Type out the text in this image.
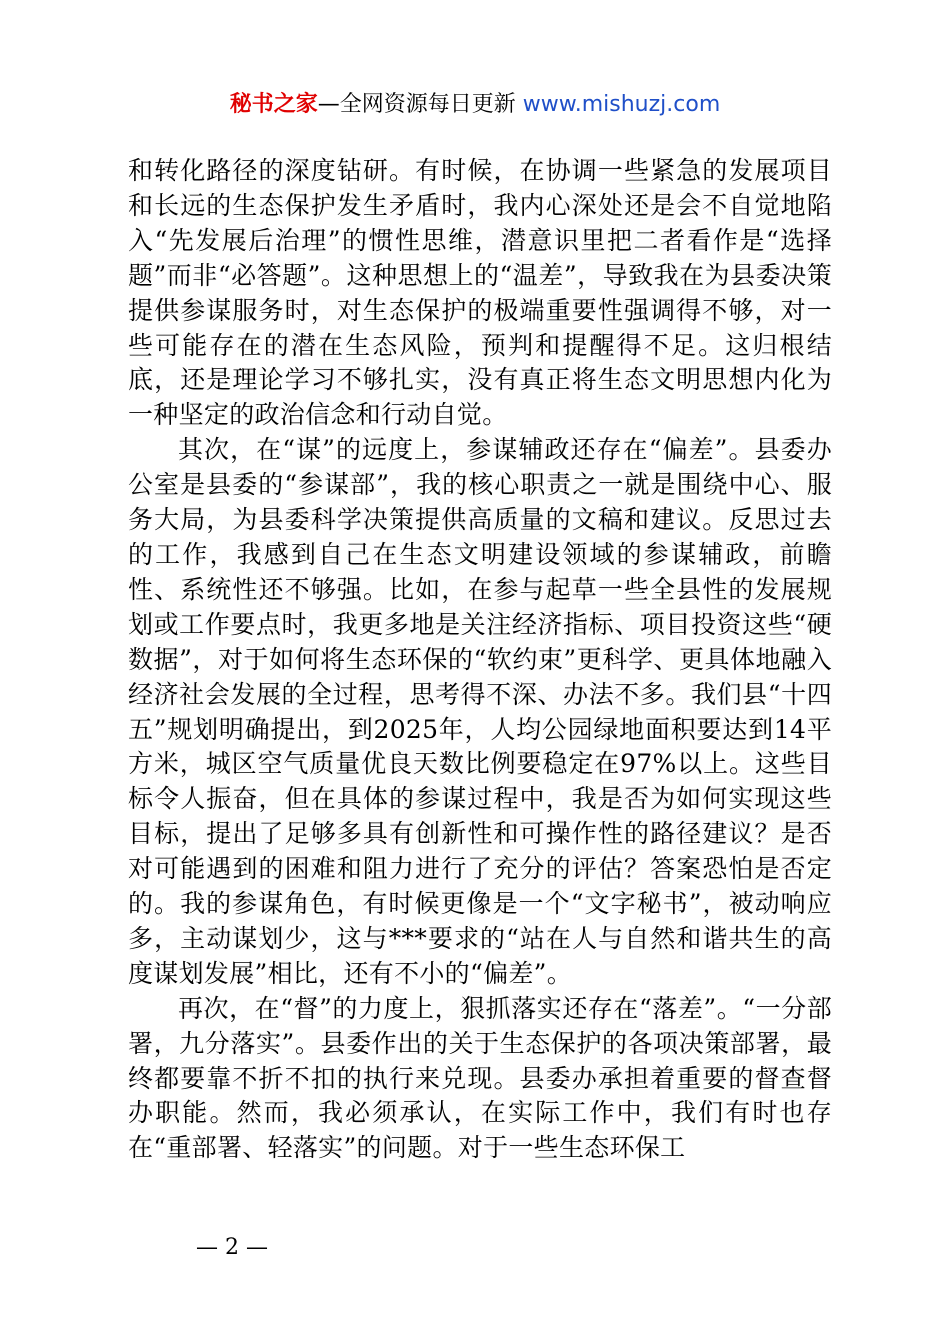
秘书之家—全网资源每日更新 www.mishuzj.com

和转化路径的深度钻研。有时候，在协调一些紧急的发展项目和长远的生态保护发生矛盾时，我内心深处还是会不自觉地陷入“先发展后治理”的惯性思维，潜意识里把二者看作是“选择题”而非“必答题”。这种思想上的“温差”，导致我在为县委决策提供参谋服务时，对生态保护的极端重要性强调得不够，对一些可能存在的潜在生态风险，预判和提醒得不足。这归根结底，还是理论学习不够扎实，没有真正将生态文明思想内化为一种坚定的政治信念和行动自觉。

其次，在“谋”的远度上，参谋辅政还存在“偏差”。县委办公室是县委的“参谋部”，我的核心职责之一就是围绕中心、服务大局，为县委科学决策提供高质量的文稿和建议。反思过去的工作，我感到自己在生态文明建设领域的参谋辅政，前瞻性、系统性还不够强。比如，在参与起草一些全县性的发展规划或工作要点时，我更多地是关注经济指标、项目投资这些“硬数据”，对于如何将生态环保的“软约束”更科学、更具体地融入经济社会发展的全过程，思考得不深、办法不多。我们县“十四五”规划明确提出，到2025年，人均公园绿地面积要达到14平方米，城区空气质量优良天数比例要稳定在97%以上。这些目标令人振奋，但在具体的参谋过程中，我是否为如何实现这些目标，提出了足够多具有创新性和可操作性的路径建议？是否对可能遇到的困难和阻力进行了充分的评估？答案恐怕是否定的。我的参谋角色，有时候更像是一个“文字秘书”，被动响应多，主动谋划少，这与***要求的“站在人与自然和谐共生的高度谋划发展”相比，还有不小的“偏差”。

再次，在“督”的力度上，狠抓落实还存在“落差”。“一分部署，九分落实”。县委作出的关于生态保护的各项决策部署，最终都要靠不折不扣的执行来兑现。县委办承担着重要的督查督办职能。然而，我必须承认，在实际工作中，我们有时也存在“重部署、轻落实”的问题。对于一些生态环保工

— 2 —
